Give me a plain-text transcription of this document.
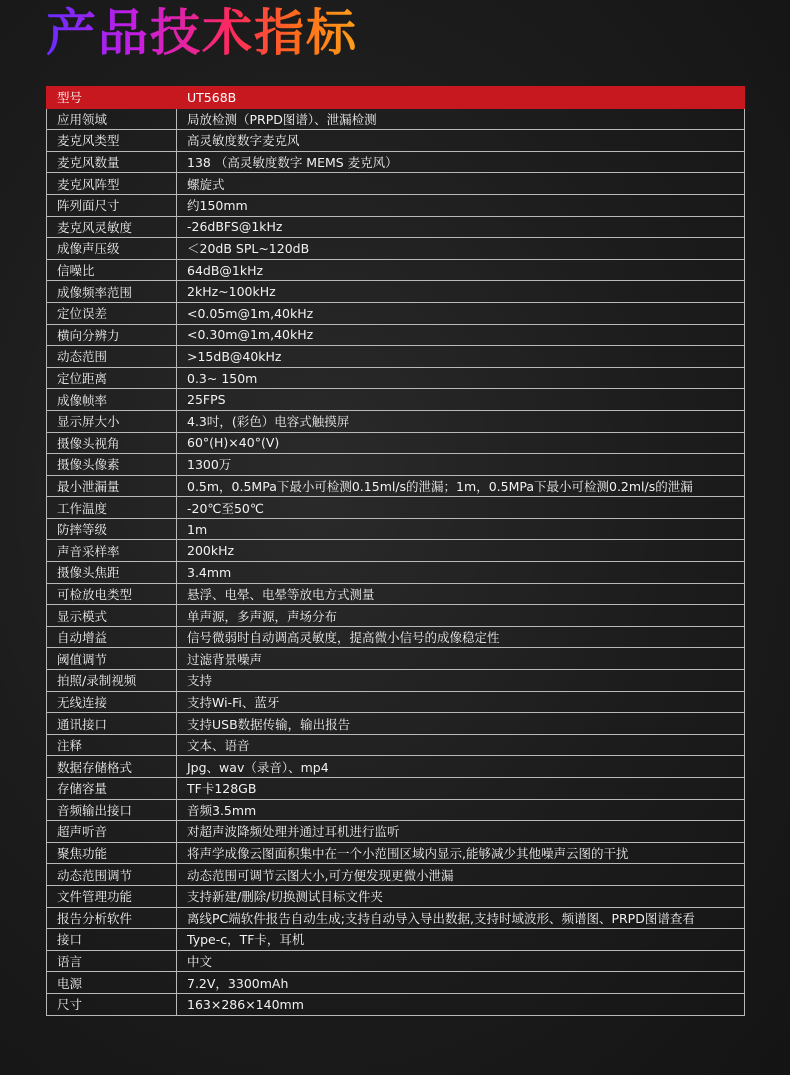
产品技术指标
型号	UT568B
应用领域	局放检测（PRPD图谱）、泄漏检测
麦克风类型	高灵敏度数字麦克风
麦克风数量	138 （高灵敏度数字 MEMS 麦克风）
麦克风阵型	螺旋式
阵列面尺寸	约150mm
麦克风灵敏度	-26dBFS@1kHz
成像声压级	＜20dB SPL~120dB
信噪比	64dB@1kHz
成像频率范围	2kHz~100kHz
定位误差	<0.05m@1m,40kHz
横向分辨力	<0.30m@1m,40kHz
动态范围	>15dB@40kHz
定位距离	0.3~ 150m
成像帧率	25FPS
显示屏大小	4.3吋，(彩色）电容式触摸屏
摄像头视角	60°(H)×40°(V)
摄像头像素	1300万
最小泄漏量	0.5m，0.5MPa下最小可检测0.15ml/s的泄漏；1m，0.5MPa下最小可检测0.2ml/s的泄漏
工作温度	-20℃至50℃
防摔等级	1m
声音采样率	200kHz
摄像头焦距	3.4mm
可检放电类型	悬浮、电晕、电晕等放电方式测量
显示模式	单声源，多声源，声场分布
自动增益	信号微弱时自动调高灵敏度，提高微小信号的成像稳定性
阈值调节	过滤背景噪声
拍照/录制视频	支持
无线连接	支持Wi-Fi、蓝牙
通讯接口	支持USB数据传输，输出报告
注释	文本、语音
数据存储格式	Jpg、wav（录音）、mp4
存储容量	TF卡128GB
音频输出接口	音频3.5mm
超声听音	对超声波降频处理并通过耳机进行监听
聚焦功能	将声学成像云图面积集中在一个小范围区域内显示,能够减少其他噪声云图的干扰
动态范围调节	动态范围可调节云图大小,可方便发现更微小泄漏
文件管理功能	支持新建/删除/切换测试目标文件夹
报告分析软件	离线PC端软件报告自动生成;支持自动导入导出数据,支持时域波形、频谱图、PRPD图谱查看
接口	Type-c，TF卡，耳机
语言	中文
电源	7.2V，3300mAh
尺寸	163×286×140mm
